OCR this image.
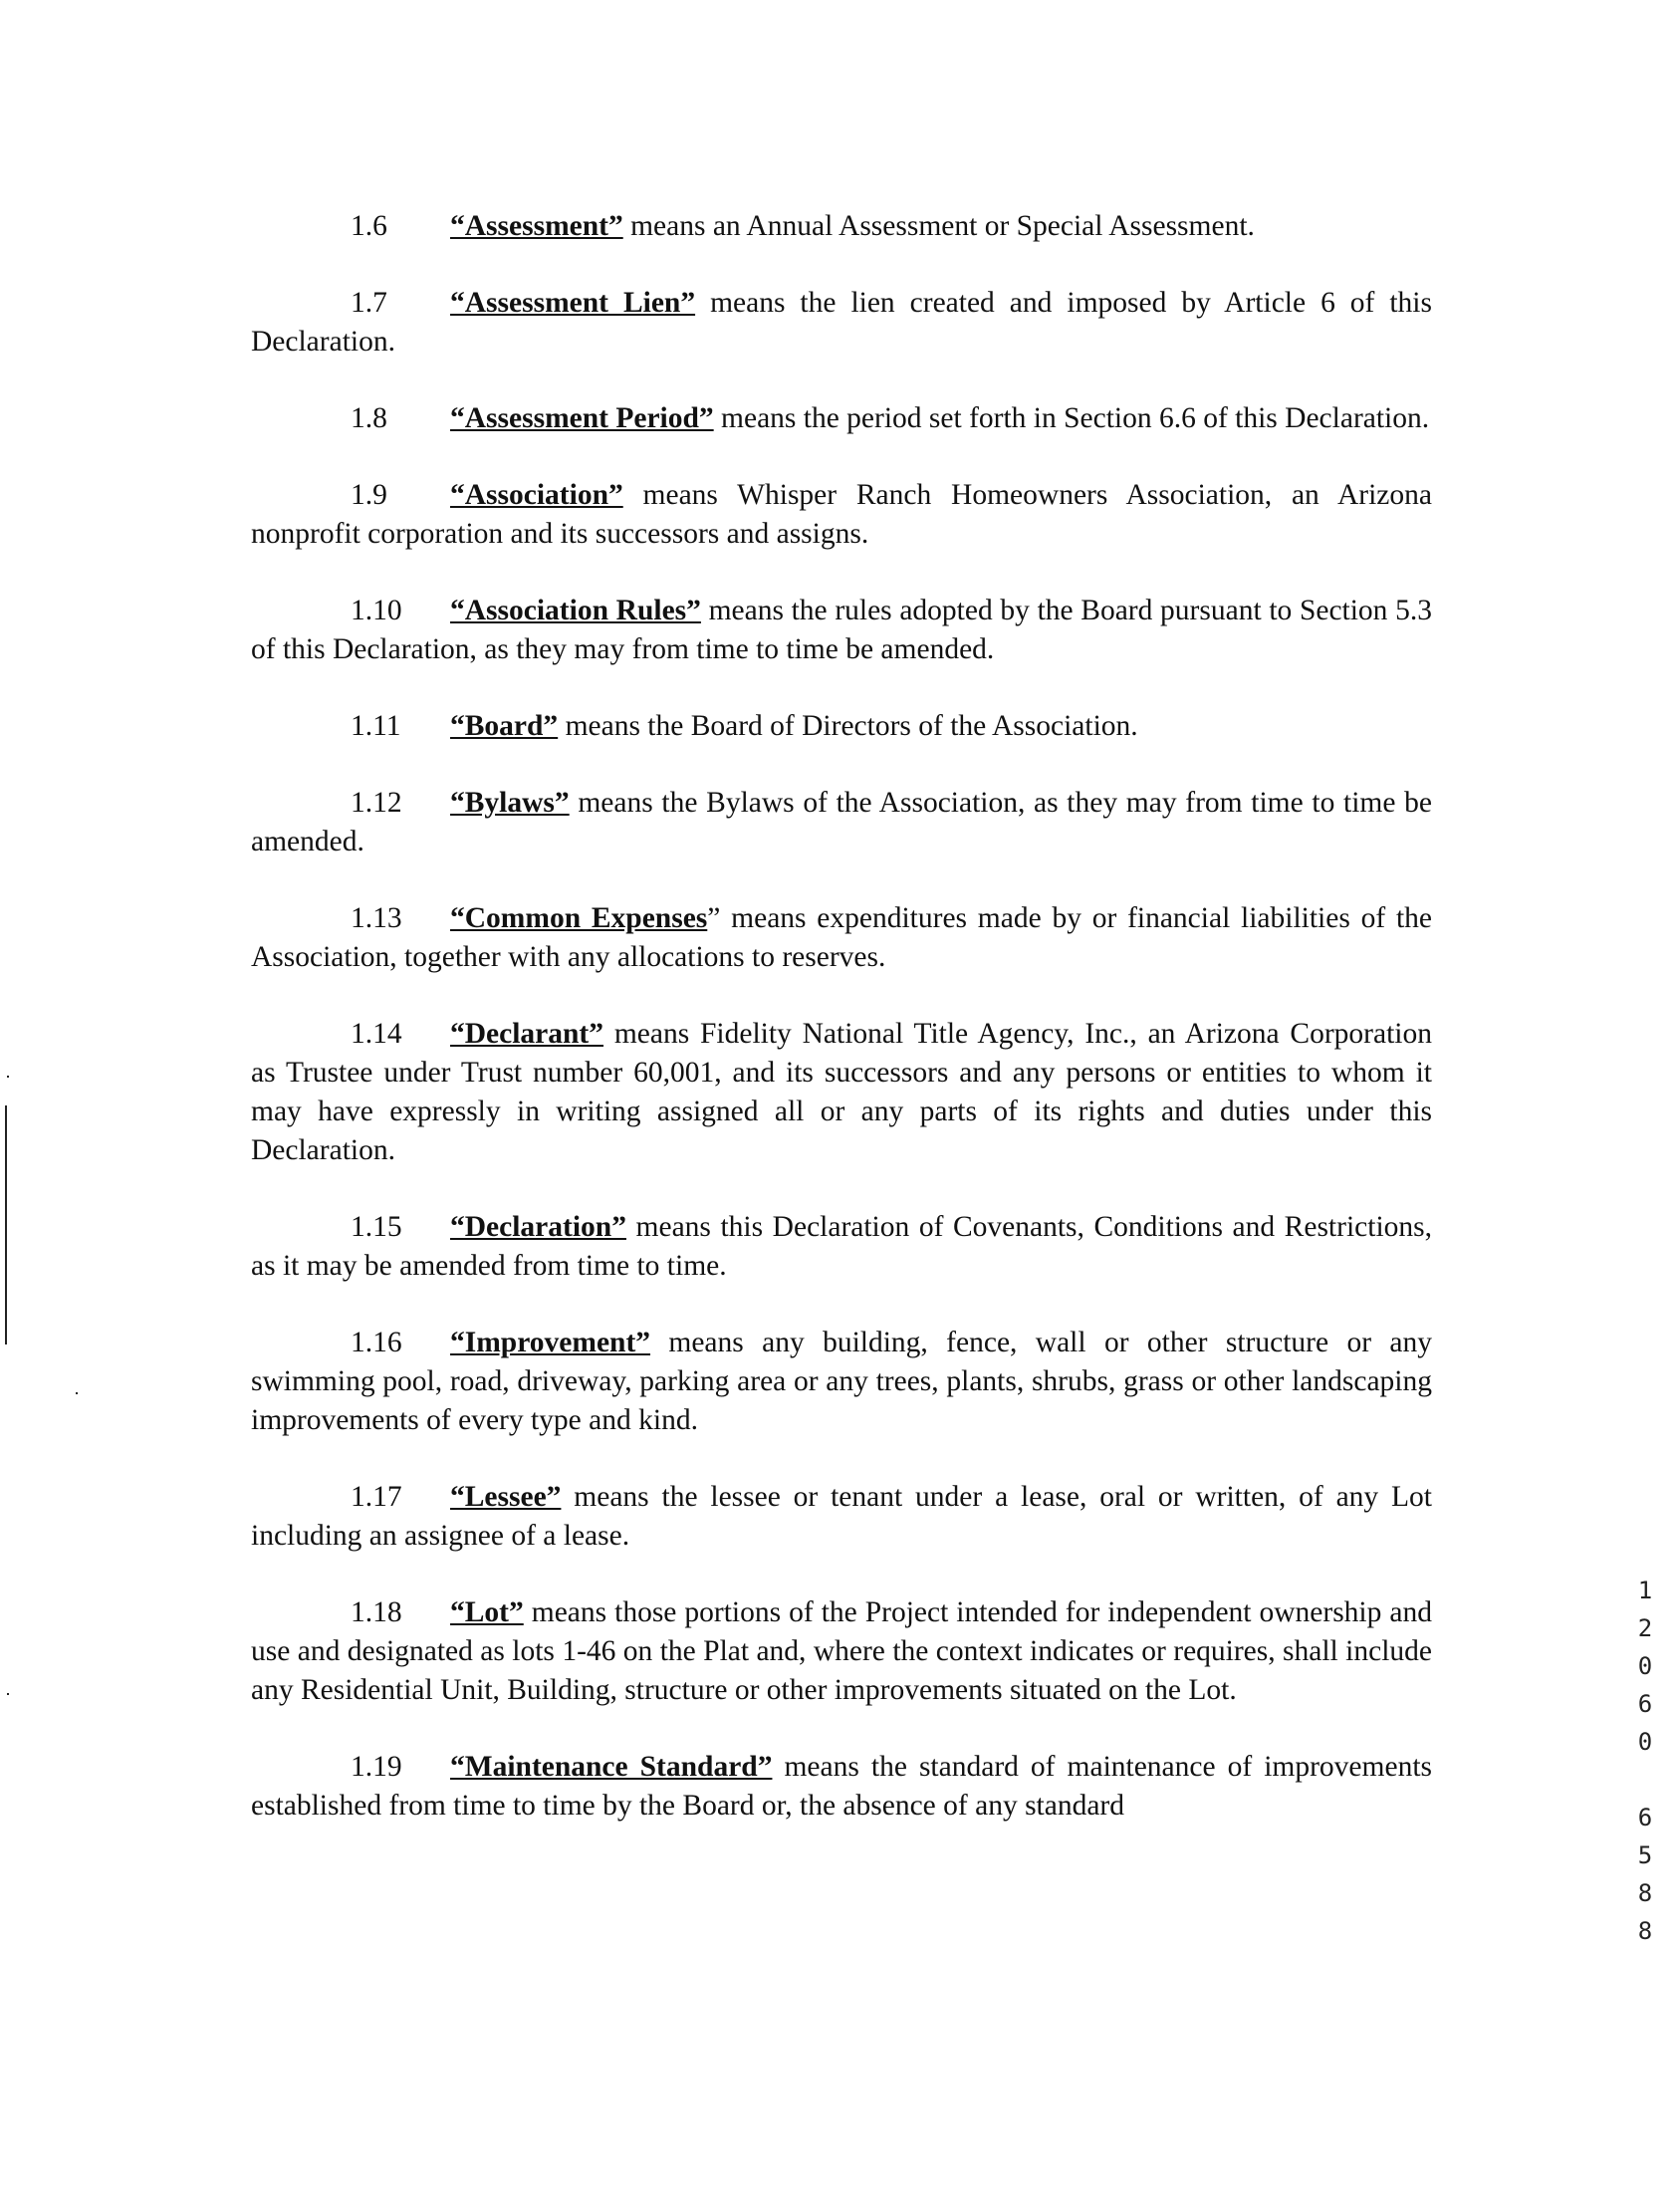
1.6 “Assessment” means an Annual Assessment or Special Assessment.

1.7 “Assessment Lien” means the lien created and imposed by Article 6 of this Declaration.

1.8 “Assessment Period” means the period set forth in Section 6.6 of this Declaration.

1.9 “Association” means Whisper Ranch Homeowners Association, an Arizona nonprofit corporation and its successors and assigns.

1.10 “Association Rules” means the rules adopted by the Board pursuant to Section 5.3 of this Declaration, as they may from time to time be amended.

1.11 “Board” means the Board of Directors of the Association.

1.12 “Bylaws” means the Bylaws of the Association, as they may from time to time be amended.

1.13 “Common Expenses” means expenditures made by or financial liabilities of the Association, together with any allocations to reserves.

1.14 “Declarant” means Fidelity National Title Agency, Inc., an Arizona Corporation as Trustee under Trust number 60,001, and its successors and any persons or entities to whom it may have expressly in writing assigned all or any parts of its rights and duties under this Declaration.

1.15 “Declaration” means this Declaration of Covenants, Conditions and Restrictions, as it may be amended from time to time.

1.16 “Improvement” means any building, fence, wall or other structure or any swimming pool, road, driveway, parking area or any trees, plants, shrubs, grass or other landscaping improvements of every type and kind.

1.17 “Lessee” means the lessee or tenant under a lease, oral or written, of any Lot including an assignee of a lease.

1.18 “Lot” means those portions of the Project intended for independent ownership and use and designated as lots 1-46 on the Plat and, where the context indicates or requires, shall include any Residential Unit, Building, structure or other improvements situated on the Lot.

1.19 “Maintenance Standard” means the standard of maintenance of improvements established from time to time by the Board or, the absence of any standard

1
2
0
6
0

6
5
8
8
